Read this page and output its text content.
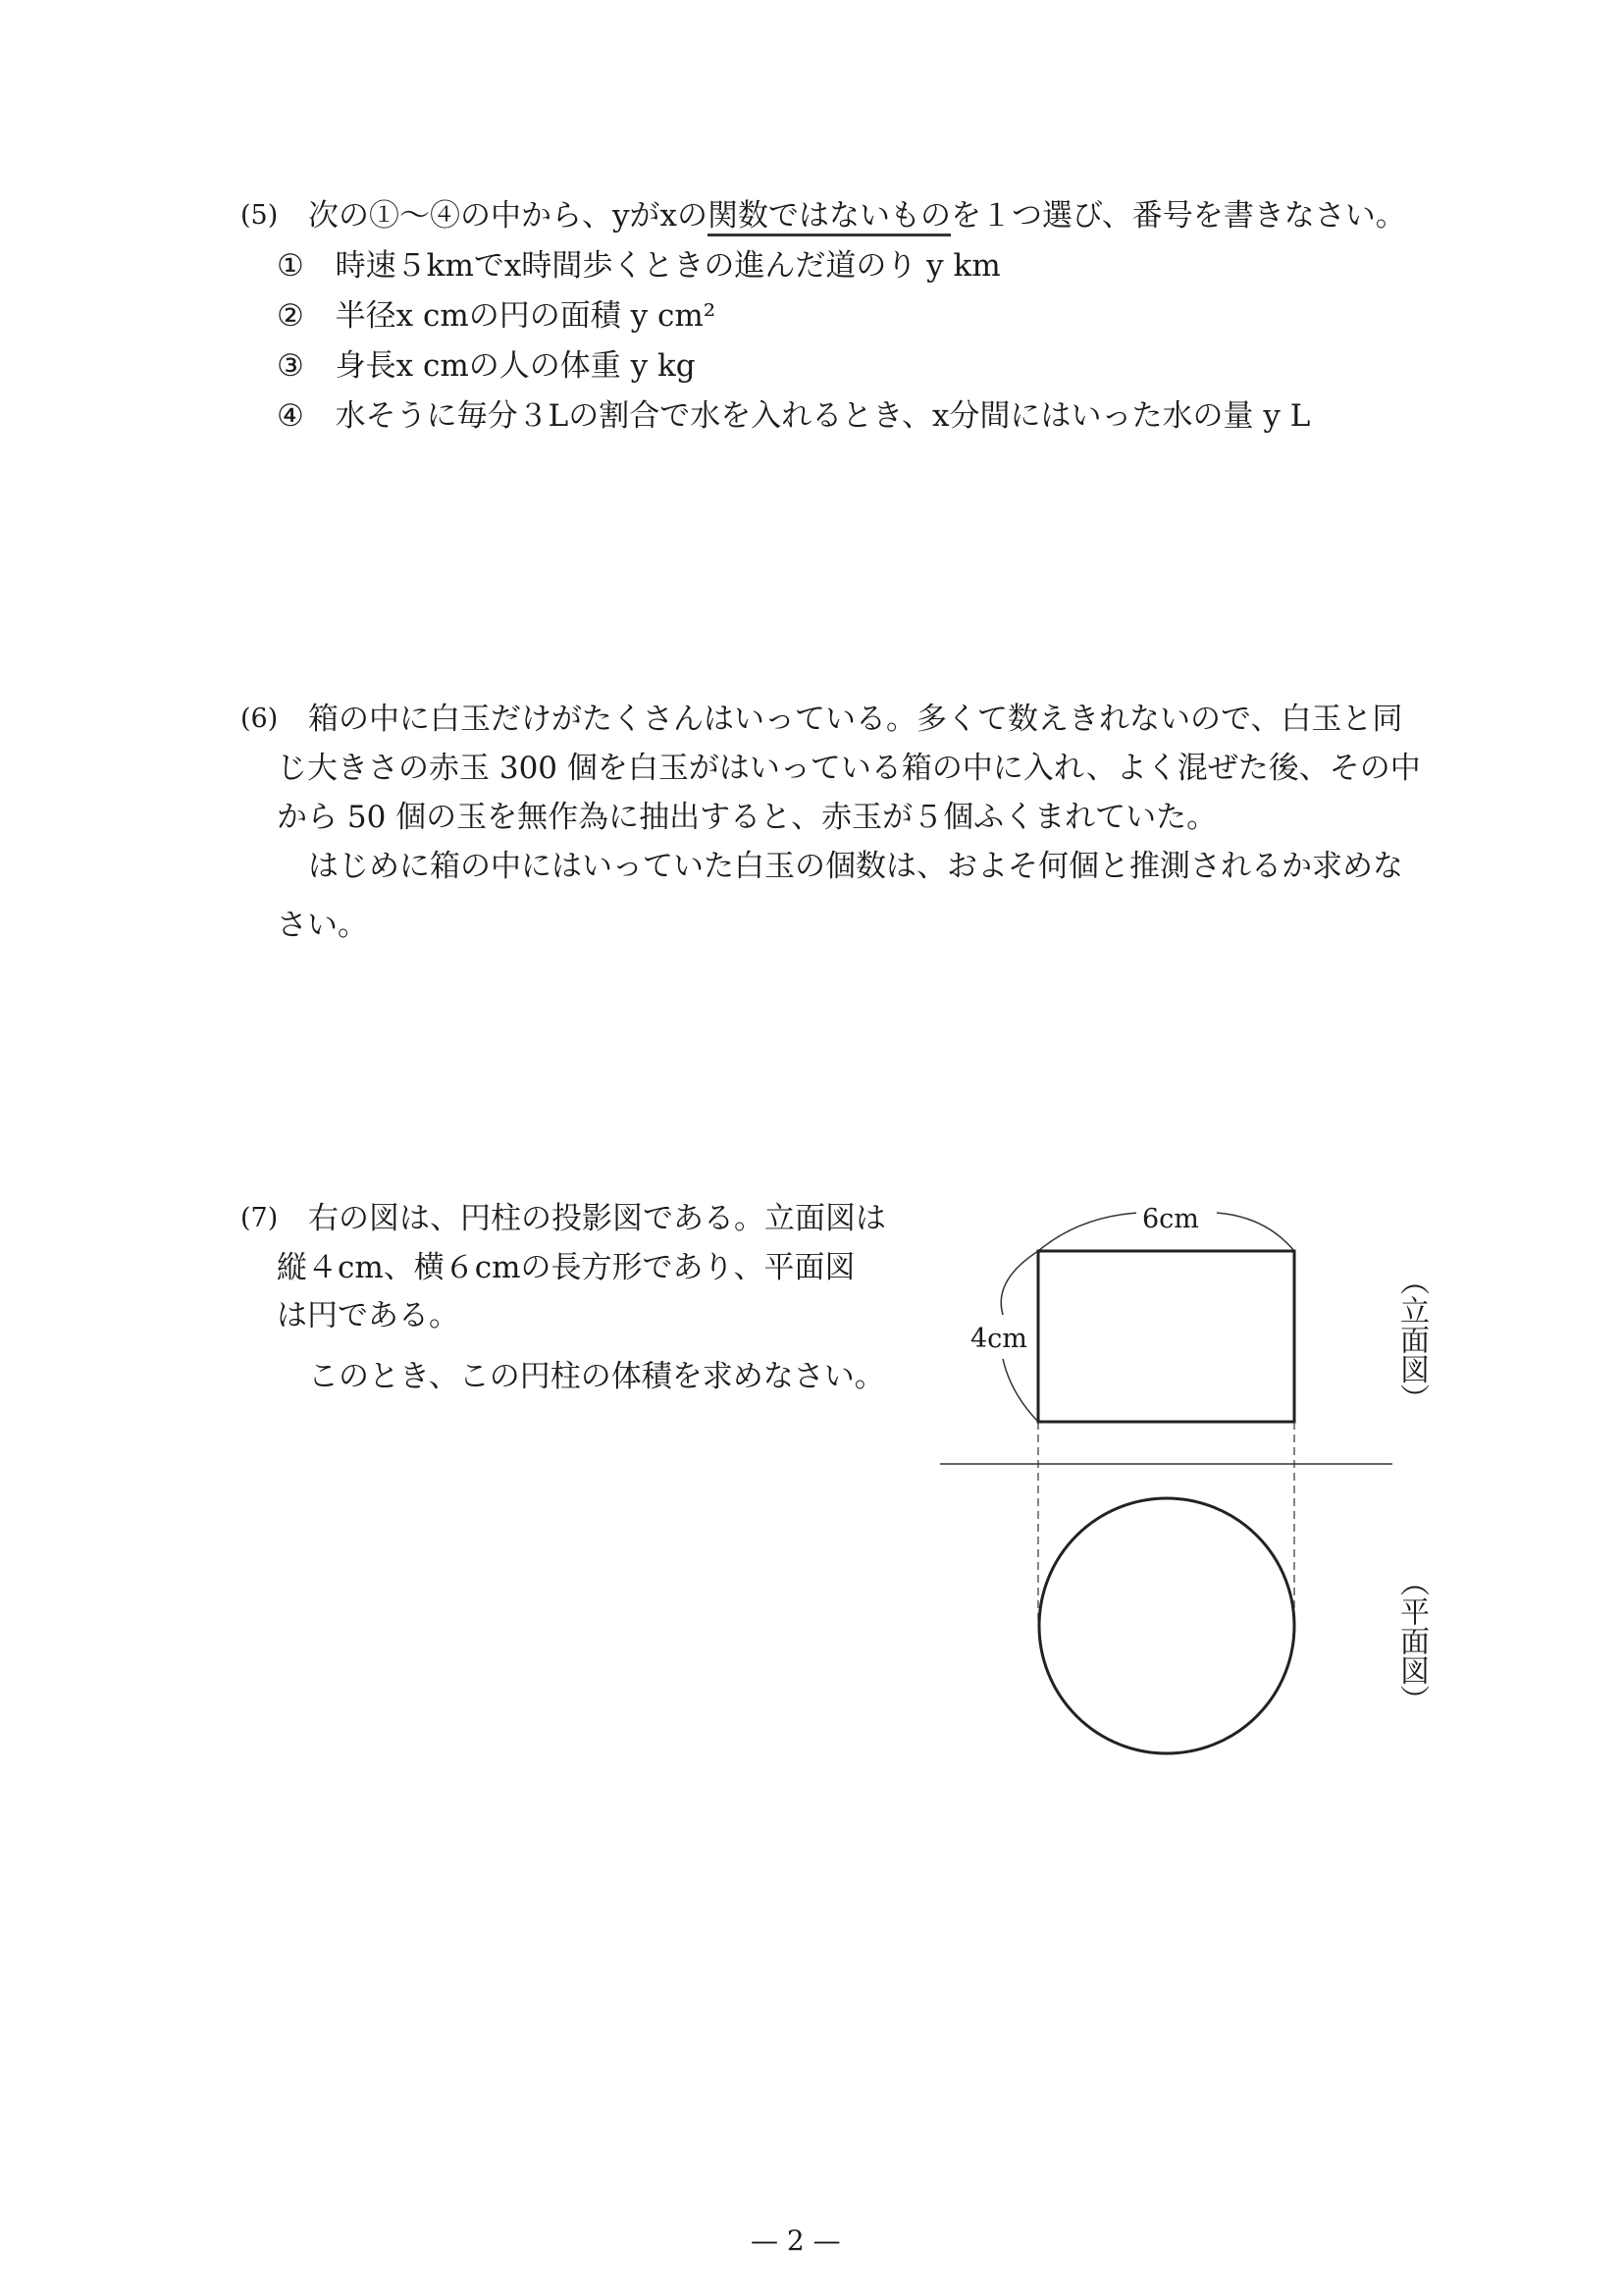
(5) 次の①～④の中から、yがxの関数ではないものを１つ選び、番号を書きなさい。
① 時速５kmでx時間歩くときの進んだ道のり y km
② 半径x cmの円の面積 y cm²
③ 身長x cmの人の体重 y kg
④ 水そうに毎分３Lの割合で水を入れるとき、x分間にはいった水の量 y L
(6) 箱の中に白玉だけがたくさんはいっている。多くて数えきれないので、白玉と同
じ大きさの赤玉 300 個を白玉がはいっている箱の中に入れ、よく混ぜた後、その中
から 50 個の玉を無作為に抽出すると、赤玉が５個ふくまれていた。
はじめに箱の中にはいっていた白玉の個数は、およそ何個と推測されるか求めな
さい。
(7) 右の図は、円柱の投影図である。立面図は
縦４cm、横６cmの長方形であり、平面図
は円である。
このとき、この円柱の体積を求めなさい。
6cm
4cm	（立面図）
（平面図）
— 2 —
